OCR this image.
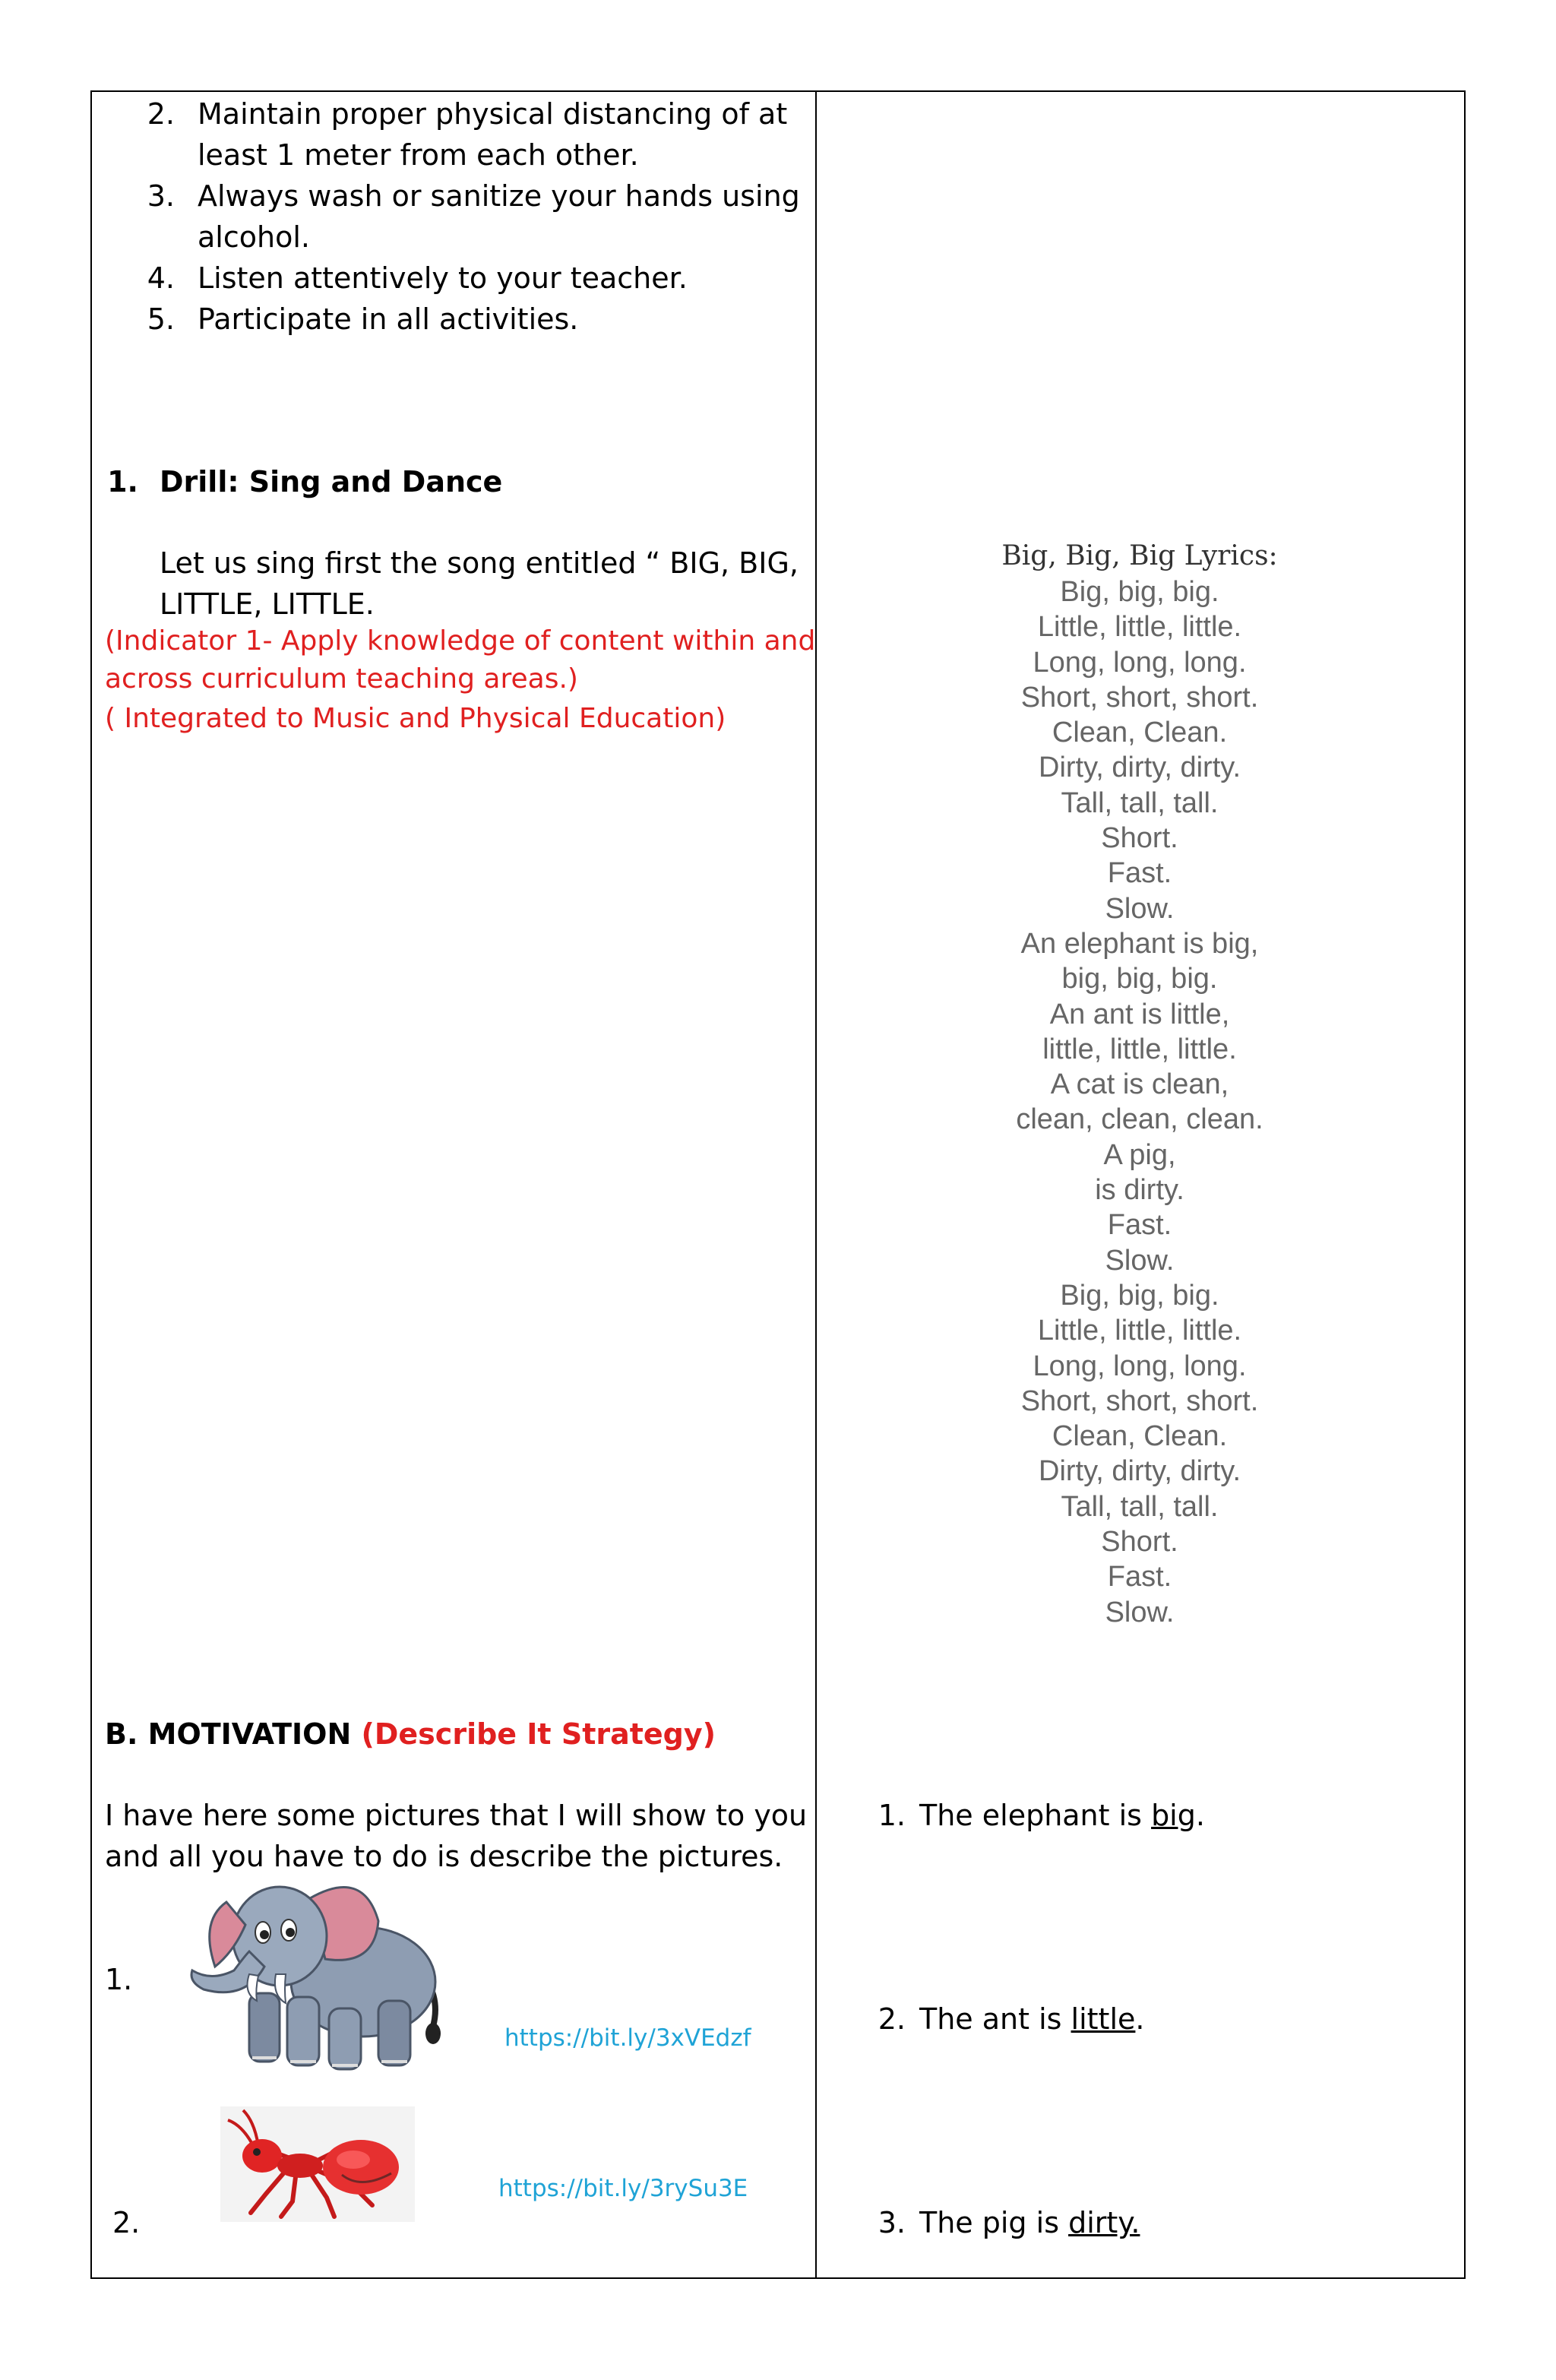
2. Maintain proper physical distancing of at
least 1 meter from each other.
3. Always wash or sanitize your hands using
alcohol.
4. Listen attentively to your teacher.
5. Participate in all activities.
1. Drill: Sing and Dance
Let us sing first the song entitled “ BIG, BIG,
LITTLE, LITTLE.
(Indicator 1- Apply knowledge of content within and
across curriculum teaching areas.)
( Integrated to Music and Physical Education)
Big, Big, Big Lyrics:
Big, big, big.
Little, little, little.
Long, long, long.
Short, short, short.
Clean, Clean.
Dirty, dirty, dirty.
Tall, tall, tall.
Short.
Fast.
Slow.
An elephant is big,
big, big, big.
An ant is little,
little, little, little.
A cat is clean,
clean, clean, clean.
A pig,
is dirty.
Fast.
Slow.
Big, big, big.
Little, little, little.
Long, long, long.
Short, short, short.
Clean, Clean.
Dirty, dirty, dirty.
Tall, tall, tall.
Short.
Fast.
Slow.
B. MOTIVATION (Describe It Strategy)
I have here some pictures that I will show to you
and all you have to do is describe the pictures.
1.
https://bit.ly/3xVEdzf
2.
https://bit.ly/3rySu3E
1. The elephant is big.
2. The ant is little.
3. The pig is dirty.
